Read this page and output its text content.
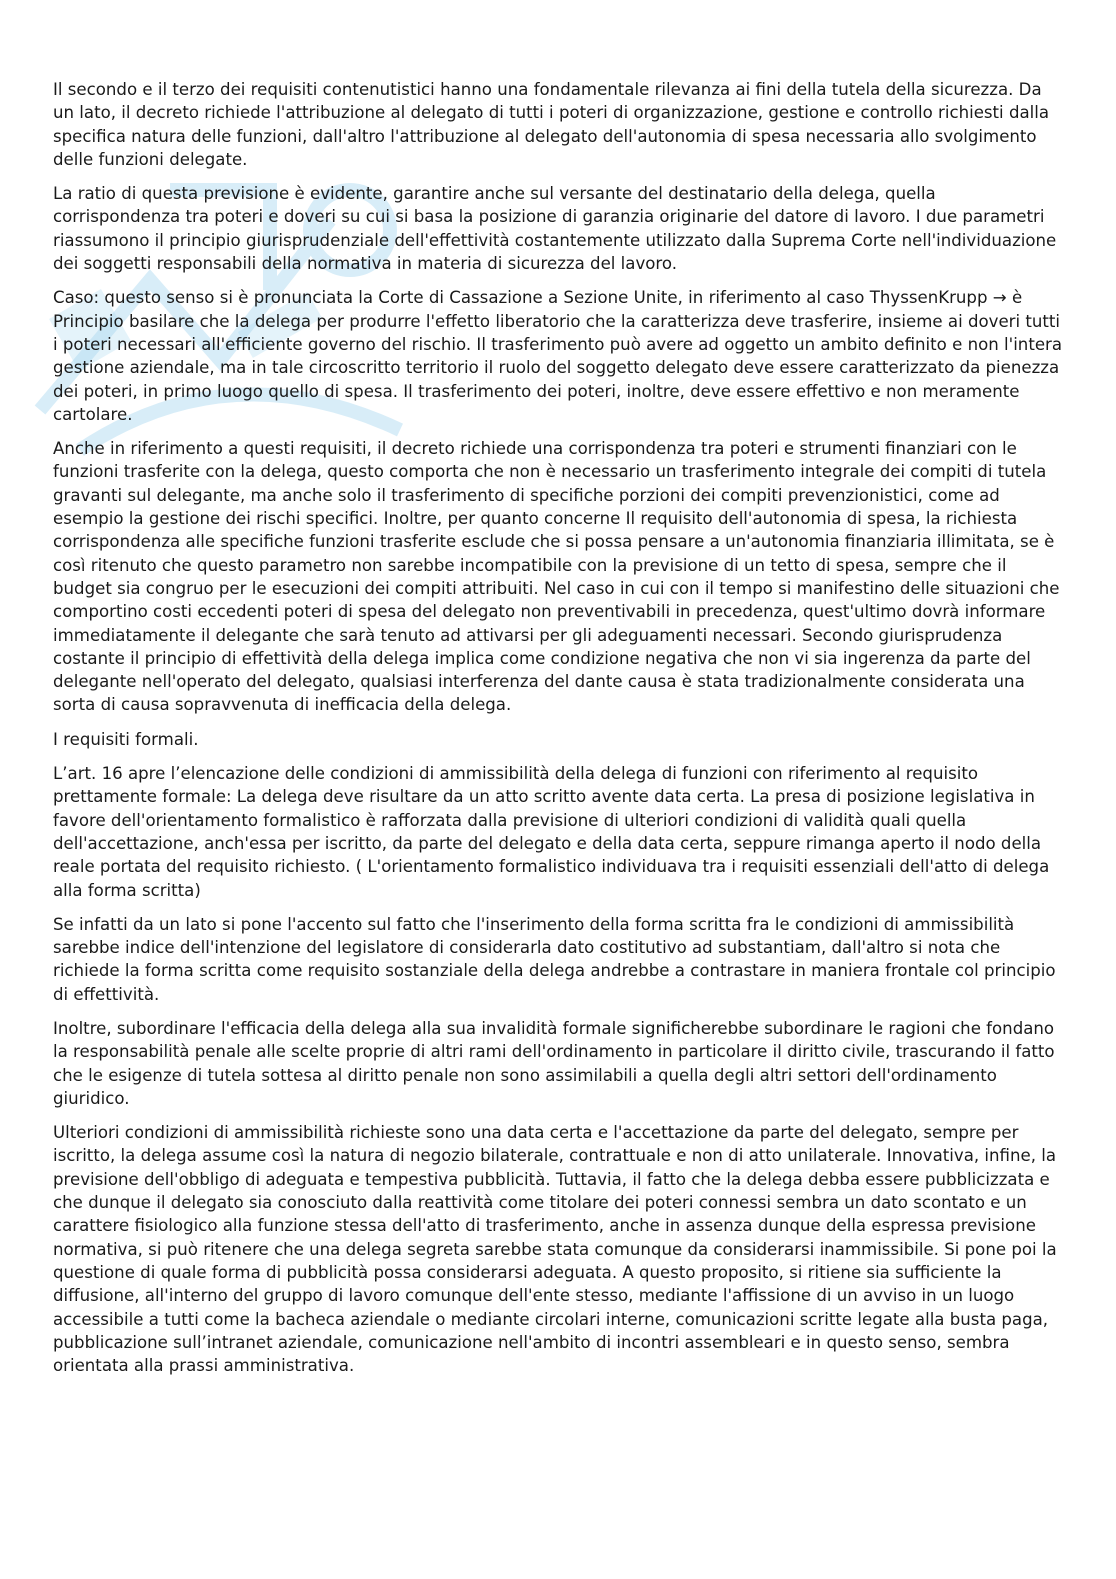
Il secondo e il terzo dei requisiti contenutistici hanno una fondamentale rilevanza ai fini della tutela della sicurezza. Da un lato, il decreto richiede l'attribuzione al delegato di tutti i poteri di organizzazione, gestione e controllo richiesti dalla specifica natura delle funzioni, dall'altro l'attribuzione al delegato dell'autonomia di spesa necessaria allo svolgimento delle funzioni delegate.

La ratio di questa previsione è evidente, garantire anche sul versante del destinatario della delega, quella corrispondenza tra poteri e doveri su cui si basa la posizione di garanzia originarie del datore di lavoro. I due parametri riassumono il principio giurisprudenziale dell'effettività costantemente utilizzato dalla Suprema Corte nell'individuazione dei soggetti responsabili della normativa in materia di sicurezza del lavoro.

Caso: questo senso si è pronunciata la Corte di Cassazione a Sezione Unite, in riferimento al caso ThyssenKrupp → è Principio basilare che la delega per produrre l'effetto liberatorio che la caratterizza deve trasferire, insieme ai doveri tutti i poteri necessari all'efficiente governo del rischio. Il trasferimento può avere ad oggetto un ambito definito e non l'intera gestione aziendale, ma in tale circoscritto territorio il ruolo del soggetto delegato deve essere caratterizzato da pienezza dei poteri, in primo luogo quello di spesa. Il trasferimento dei poteri, inoltre, deve essere effettivo e non meramente cartolare.

Anche in riferimento a questi requisiti, il decreto richiede una corrispondenza tra poteri e strumenti finanziari con le funzioni trasferite con la delega, questo comporta che non è necessario un trasferimento integrale dei compiti di tutela gravanti sul delegante, ma anche solo il trasferimento di specifiche porzioni dei compiti prevenzionistici, come ad esempio la gestione dei rischi specifici. Inoltre, per quanto concerne Il requisito dell'autonomia di spesa, la richiesta corrispondenza alle specifiche funzioni trasferite esclude che si possa pensare a un'autonomia finanziaria illimitata, se è così ritenuto che questo parametro non sarebbe incompatibile con la previsione di un tetto di spesa, sempre che il budget sia congruo per le esecuzioni dei compiti attribuiti. Nel caso in cui con il tempo si manifestino delle situazioni che comportino costi eccedenti poteri di spesa del delegato non preventivabili in precedenza, quest'ultimo dovrà informare immediatamente il delegante che sarà tenuto ad attivarsi per gli adeguamenti necessari. Secondo giurisprudenza costante il principio di effettività della delega implica come condizione negativa che non vi sia ingerenza da parte del delegante nell'operato del delegato, qualsiasi interferenza del dante causa è stata tradizionalmente considerata una sorta di causa sopravvenuta di inefficacia della delega.

I requisiti formali.

L’art. 16 apre l’elencazione delle condizioni di ammissibilità della delega di funzioni con riferimento al requisito prettamente formale: La delega deve risultare da un atto scritto avente data certa. La presa di posizione legislativa in favore dell'orientamento formalistico è rafforzata dalla previsione di ulteriori condizioni di validità quali quella dell'accettazione, anch'essa per iscritto, da parte del delegato e della data certa, seppure rimanga aperto il nodo della reale portata del requisito richiesto. ( L'orientamento formalistico individuava tra i requisiti essenziali dell'atto di delega alla forma scritta)

Se infatti da un lato si pone l'accento sul fatto che l'inserimento della forma scritta fra le condizioni di ammissibilità sarebbe indice dell'intenzione del legislatore di considerarla dato costitutivo ad substantiam, dall'altro si nota che richiede la forma scritta come requisito sostanziale della delega andrebbe a contrastare in maniera frontale col principio di effettività.

Inoltre, subordinare l'efficacia della delega alla sua invalidità formale significherebbe subordinare le ragioni che fondano la responsabilità penale alle scelte proprie di altri rami dell'ordinamento in particolare il diritto civile, trascurando il fatto che le esigenze di tutela sottesa al diritto penale non sono assimilabili a quella degli altri settori dell'ordinamento giuridico.

Ulteriori condizioni di ammissibilità richieste sono una data certa e l'accettazione da parte del delegato, sempre per iscritto, la delega assume così la natura di negozio bilaterale, contrattuale e non di atto unilaterale. Innovativa, infine, la previsione dell'obbligo di adeguata e tempestiva pubblicità. Tuttavia, il fatto che la delega debba essere pubblicizzata e che dunque il delegato sia conosciuto dalla reattività come titolare dei poteri connessi sembra un dato scontato e un carattere fisiologico alla funzione stessa dell'atto di trasferimento, anche in assenza dunque della espressa previsione normativa, si può ritenere che una delega segreta sarebbe stata comunque da considerarsi inammissibile. Si pone poi la questione di quale forma di pubblicità possa considerarsi adeguata. A questo proposito, si ritiene sia sufficiente la diffusione, all'interno del gruppo di lavoro comunque dell'ente stesso, mediante l'affissione di un avviso in un luogo accessibile a tutti come la bacheca aziendale o mediante circolari interne, comunicazioni scritte legate alla busta paga, pubblicazione sull’intranet aziendale, comunicazione nell'ambito di incontri assembleari e in questo senso, sembra orientata alla prassi amministrativa.
